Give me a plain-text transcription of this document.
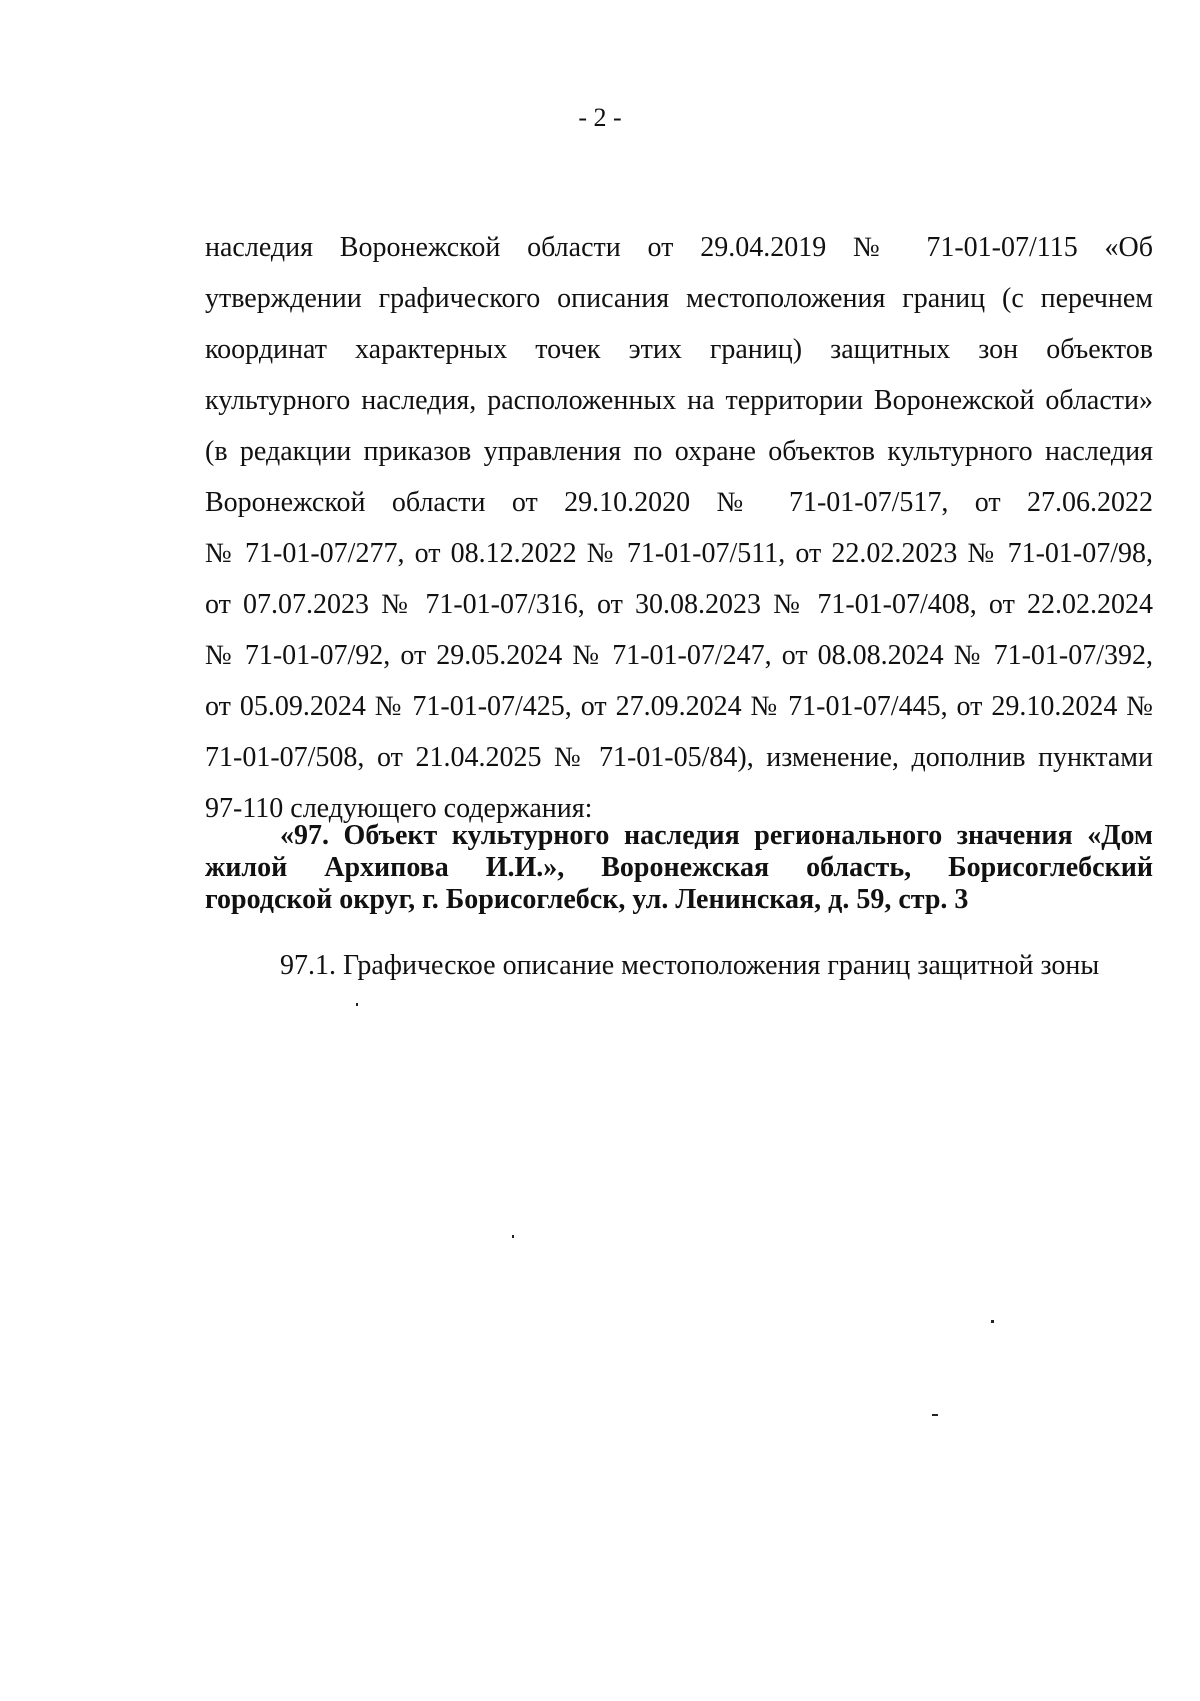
- 2 -
наследия Воронежской области от 29.04.2019 № 71-01-07/115 «Об
утверждении графического описания местоположения границ (с перечнем
координат характерных точек этих границ) защитных зон объектов
культурного наследия, расположенных на территории Воронежской области»
(в редакции приказов управления по охране объектов культурного наследия
Воронежской области от 29.10.2020 № 71-01-07/517, от 27.06.2022
№ 71-01-07/277, от 08.12.2022 № 71-01-07/511, от 22.02.2023 № 71-01-07/98,
от 07.07.2023 № 71-01-07/316, от 30.08.2023 № 71-01-07/408, от 22.02.2024
№ 71-01-07/92, от 29.05.2024 № 71-01-07/247, от 08.08.2024 № 71-01-07/392,
от 05.09.2024 № 71-01-07/425, от 27.09.2024 № 71-01-07/445, от 29.10.2024 №
71-01-07/508, от 21.04.2025 № 71-01-05/84), изменение, дополнив пунктами
97-110 следующего содержания:
«97. Объект культурного наследия регионального значения «Дом
жилой Архипова И.И.», Воронежская область, Борисоглебский
городской округ, г. Борисоглебск, ул. Ленинская, д. 59, стр. 3
97.1. Графическое описание местоположения границ защитной зоны
